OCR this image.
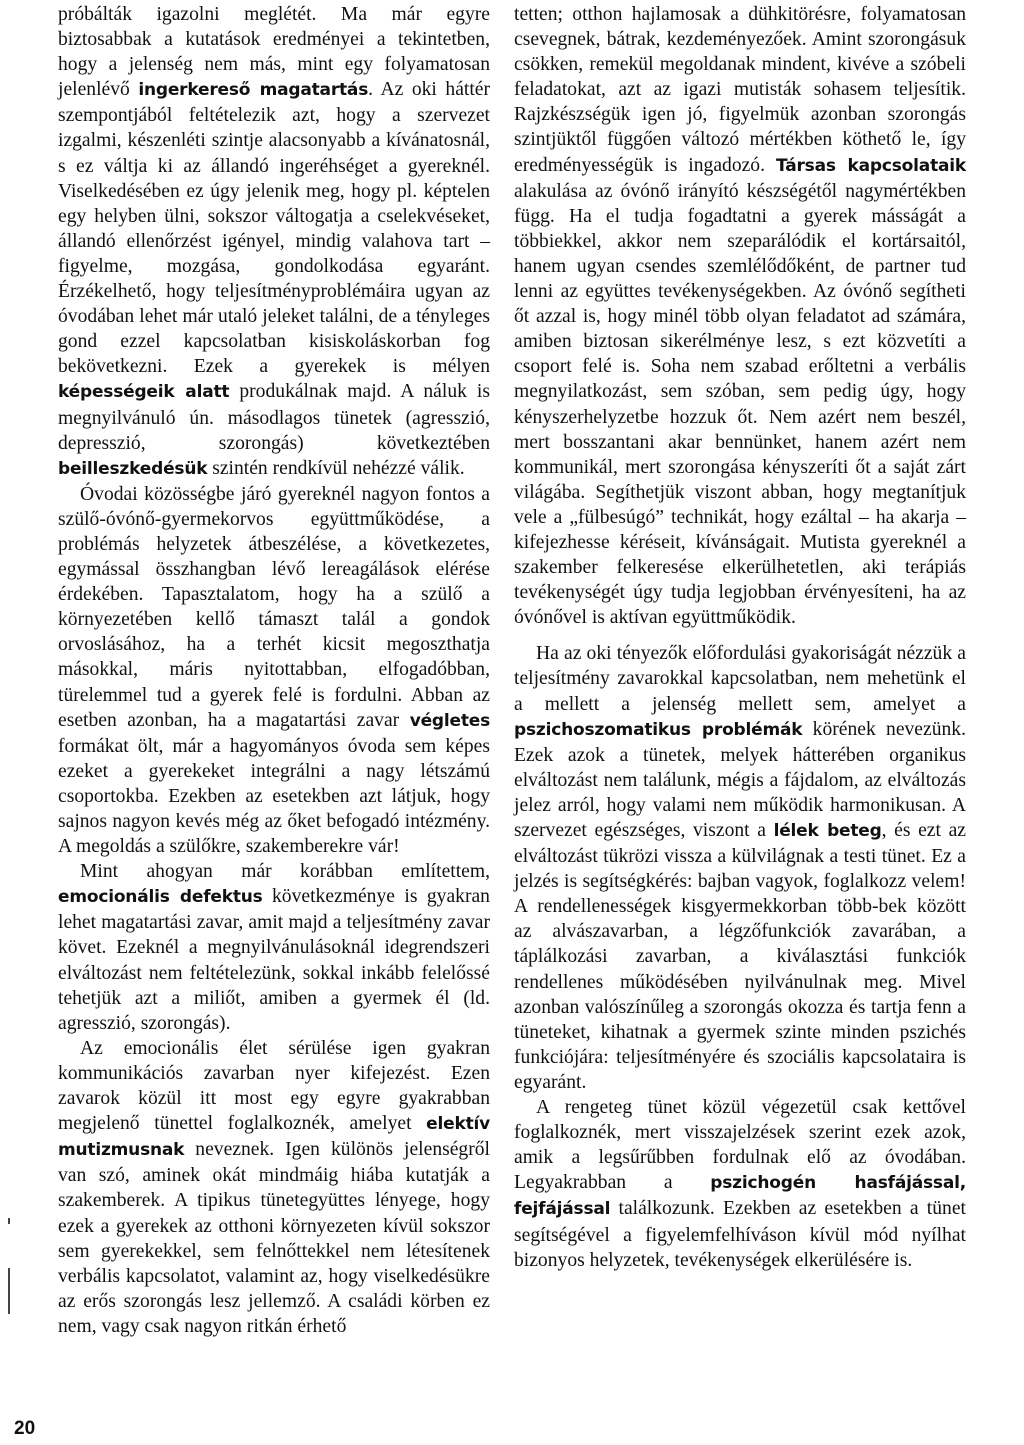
próbálták igazolni meglétét. Ma már egyre biztosabbak a kutatások eredményei a tekintetben, hogy a jelenség nem más, mint egy folyamatosan jelenlévő ingerkereső magatartás. Az oki háttér szempontjából feltételezik azt, hogy a szervezet izgalmi, készenléti szintje alacsonyabb a kívánatosnál, s ez váltja ki az állandó ingeréhséget a gyereknél. Viselkedésében ez úgy jelenik meg, hogy pl. képtelen egy helyben ülni, sokszor váltogatja a cselekvéseket, állandó ellenőrzést igényel, mindig valahova tart – figyelme, mozgása, gondolkodása egyaránt. Érzékelhető, hogy teljesítményproblémáira ugyan az óvodában lehet már utaló jeleket találni, de a tényleges gond ezzel kapcsolatban kisiskoláskorban fog bekövetkezni. Ezek a gyerekek is mélyen képességeik alatt produkálnak majd. A náluk is megnyilvánuló ún. másodlagos tünetek (agresszió, depresszió, szorongás) következtében beilleszkedésük szintén rendkívül nehézzé válik.

Óvodai közösségbe járó gyereknél nagyon fontos a szülő-óvónő-gyermekorvos együttműködése, a problémás helyzetek átbeszélése, a következetes, egymással összhangban lévő lereagálások elérése érdekében. Tapasztalatom, hogy ha a szülő a környezetében kellő támaszt talál a gondok orvoslásához, ha a terhét kicsit megoszthatja másokkal, máris nyitottabban, elfogadóbban, türelemmel tud a gyerek felé is fordulni. Abban az esetben azonban, ha a magatartási zavar végletes formákat ölt, már a hagyományos óvoda sem képes ezeket a gyerekeket integrálni a nagy létszámú csoportokba. Ezekben az esetekben azt látjuk, hogy sajnos nagyon kevés még az őket befogadó intézmény. A megoldás a szülőkre, szakemberekre vár!

Mint ahogyan már korábban említettem, emocionális defektus következménye is gyakran lehet magatartási zavar, amit majd a teljesítmény zavar követ. Ezeknél a megnyilvánulásoknál idegrendszeri elváltozást nem feltételezünk, sokkal inkább felelőssé tehetjük azt a miliőt, amiben a gyermek él (ld. agresszió, szorongás).

Az emocionális élet sérülése igen gyakran kommunikációs zavarban nyer kifejezést. Ezen zavarok közül itt most egy egyre gyakrabban megjelenő tünettel foglalkoznék, amelyet elektív mutizmusnak neveznek. Igen különös jelenségről van szó, aminek okát mindmáig hiába kutatják a szakemberek. A tipikus tünetegyüttes lényege, hogy ezek a gyerekek az otthoni környezeten kívül sokszor sem gyerekekkel, sem felnőttekkel nem létesítenek verbális kapcsolatot, valamint az, hogy viselkedésükre az erős szorongás lesz jellemző. A családi körben ez nem, vagy csak nagyon ritkán érhető

tetten; otthon hajlamosak a dühkitörésre, folyamatosan csevegnek, bátrak, kezdeményezőek. Amint szorongásuk csökken, remekül megoldanak mindent, kivéve a szóbeli feladatokat, azt az igazi mutisták sohasem teljesítik. Rajzkészségük igen jó, figyelmük azonban szorongás szintjüktől függően változó mértékben köthető le, így eredményességük is ingadozó. Társas kapcsolataik alakulása az óvónő irányító készségétől nagymértékben függ. Ha el tudja fogadtatni a gyerek másságát a többiekkel, akkor nem szeparálódik el kortársaitól, hanem ugyan csendes szemlélődőként, de partner tud lenni az együttes tevékenységekben. Az óvónő segítheti őt azzal is, hogy minél több olyan feladatot ad számára, amiben biztosan sikerélménye lesz, s ezt közvetíti a csoport felé is. Soha nem szabad erőltetni a verbális megnyilatkozást, sem szóban, sem pedig úgy, hogy kényszerhelyzetbe hozzuk őt. Nem azért nem beszél, mert bosszantani akar bennünket, hanem azért nem kommunikál, mert szorongása kényszeríti őt a saját zárt világába. Segíthetjük viszont abban, hogy megtanítjuk vele a „fülbesúgó” technikát, hogy ezáltal – ha akarja – kifejezhesse kéréseit, kívánságait. Mutista gyereknél a szakember felkeresése elkerülhetetlen, aki terápiás tevékenységét úgy tudja legjobban érvényesíteni, ha az óvónővel is aktívan együttműködik.

Ha az oki tényezők előfordulási gyakoriságát nézzük a teljesítmény zavarokkal kapcsolatban, nem mehetünk el a mellett a jelenség mellett sem, amelyet a pszichoszomatikus problémák körének nevezünk. Ezek azok a tünetek, melyek hátterében organikus elváltozást nem találunk, mégis a fájdalom, az elváltozás jelez arról, hogy valami nem működik harmonikusan. A szervezet egészséges, viszont a lélek beteg, és ezt az elváltozást tükrözi vissza a külvilágnak a testi tünet. Ez a jelzés is segítségkérés: bajban vagyok, foglalkozz velem! A rendellenességek kisgyermekkorban több-bek között az alvászavarban, a légzőfunkciók zavarában, a táplálkozási zavarban, a kiválasztási funkciók rendellenes működésében nyilvánulnak meg. Mivel azonban valószínűleg a szorongás okozza és tartja fenn a tüneteket, kihatnak a gyermek szinte minden pszichés funkciójára: teljesítményére és szociális kapcsolataira is egyaránt.

A rengeteg tünet közül végezetül csak kettővel foglalkoznék, mert visszajelzések szerint ezek azok, amik a legsűrűbben fordulnak elő az óvodában. Legyakrabban a pszichogén hasfájással, fejfájással találkozunk. Ezekben az esetekben a tünet segítségével a figyelemfelhíváson kívül mód nyílhat bizonyos helyzetek, tevékenységek elkerülésére is.

20
